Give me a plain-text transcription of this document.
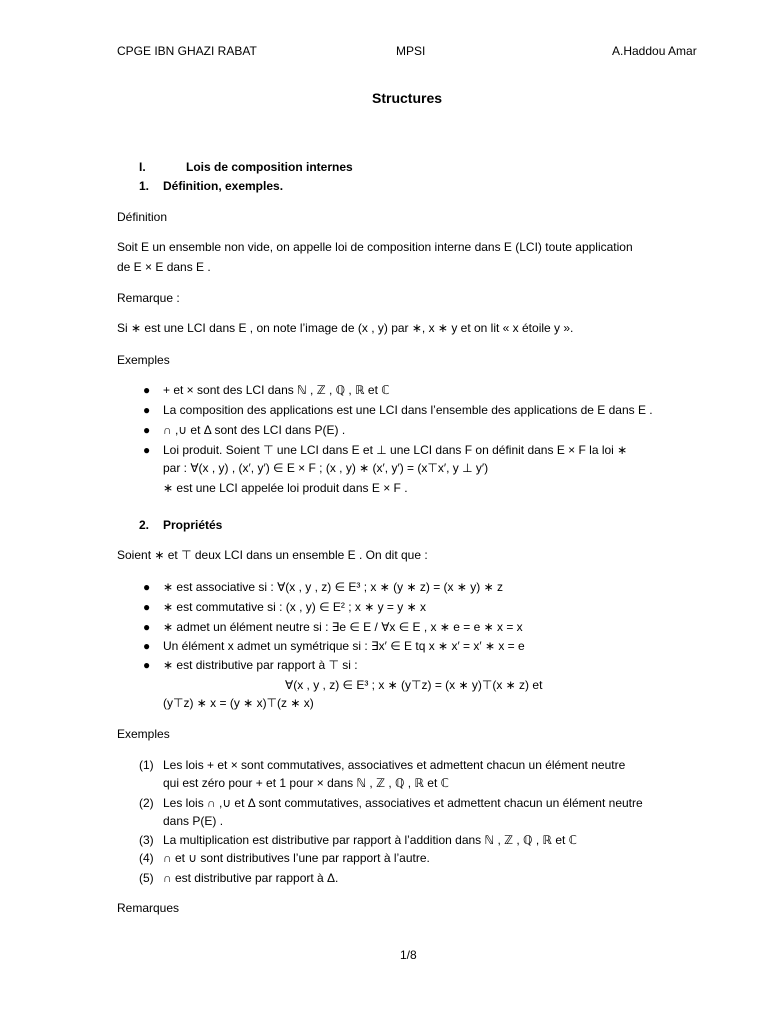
CPGE IBN GHAZI RABAT	MPSI	A.Haddou Amar
Structures
I.	Lois de composition internes
1. Définition, exemples.
Définition
Soit E un ensemble non vide, on appelle loi de composition interne dans E (LCI) toute application
de E × E dans E .
Remarque :
Si ∗ est une LCI dans E , on note l’image de (x , y) par ∗, x ∗ y et on lit « x étoile y ».
Exemples
● + et × sont des LCI dans ℕ , ℤ , ℚ , ℝ et ℂ
● La composition des applications est une LCI dans l’ensemble des applications de E dans E .
● ∩ ,∪ et Δ sont des LCI dans P(E) .
● Loi produit. Soient ⊤ une LCI dans E et ⊥ une LCI dans F on définit dans E × F la loi ∗
par : ∀(x , y) , (x′, y′) ∈ E × F ; (x , y) ∗ (x′, y′) = (x⊤x′, y ⊥ y′)
∗ est une LCI appelée loi produit dans E × F .
2. Propriétés
Soient ∗ et ⊤ deux LCI dans un ensemble E . On dit que :
● ∗ est associative si : ∀(x , y , z) ∈ E³ ; x ∗ (y ∗ z) = (x ∗ y) ∗ z
● ∗ est commutative si : (x , y) ∈ E² ; x ∗ y = y ∗ x
● ∗ admet un élément neutre si : ∃e ∈ E / ∀x ∈ E , x ∗ e = e ∗ x = x
● Un élément x admet un symétrique si : ∃x′ ∈ E tq x ∗ x′ = x′ ∗ x = e
● ∗ est distributive par rapport à ⊤ si :
∀(x , y , z) ∈ E³ ; x ∗ (y⊤z) = (x ∗ y)⊤(x ∗ z) et
(y⊤z) ∗ x = (y ∗ x)⊤(z ∗ x)
Exemples
(1) Les lois + et × sont commutatives, associatives et admettent chacun un élément neutre
qui est zéro pour + et 1 pour × dans ℕ , ℤ , ℚ , ℝ et ℂ
(2) Les lois ∩ ,∪ et Δ sont commutatives, associatives et admettent chacun un élément neutre
dans P(E) .
(3) La multiplication est distributive par rapport à l’addition dans ℕ , ℤ , ℚ , ℝ et ℂ
(4) ∩ et ∪ sont distributives l’une par rapport à l’autre.
(5) ∩ est distributive par rapport à Δ.
Remarques
1/8
